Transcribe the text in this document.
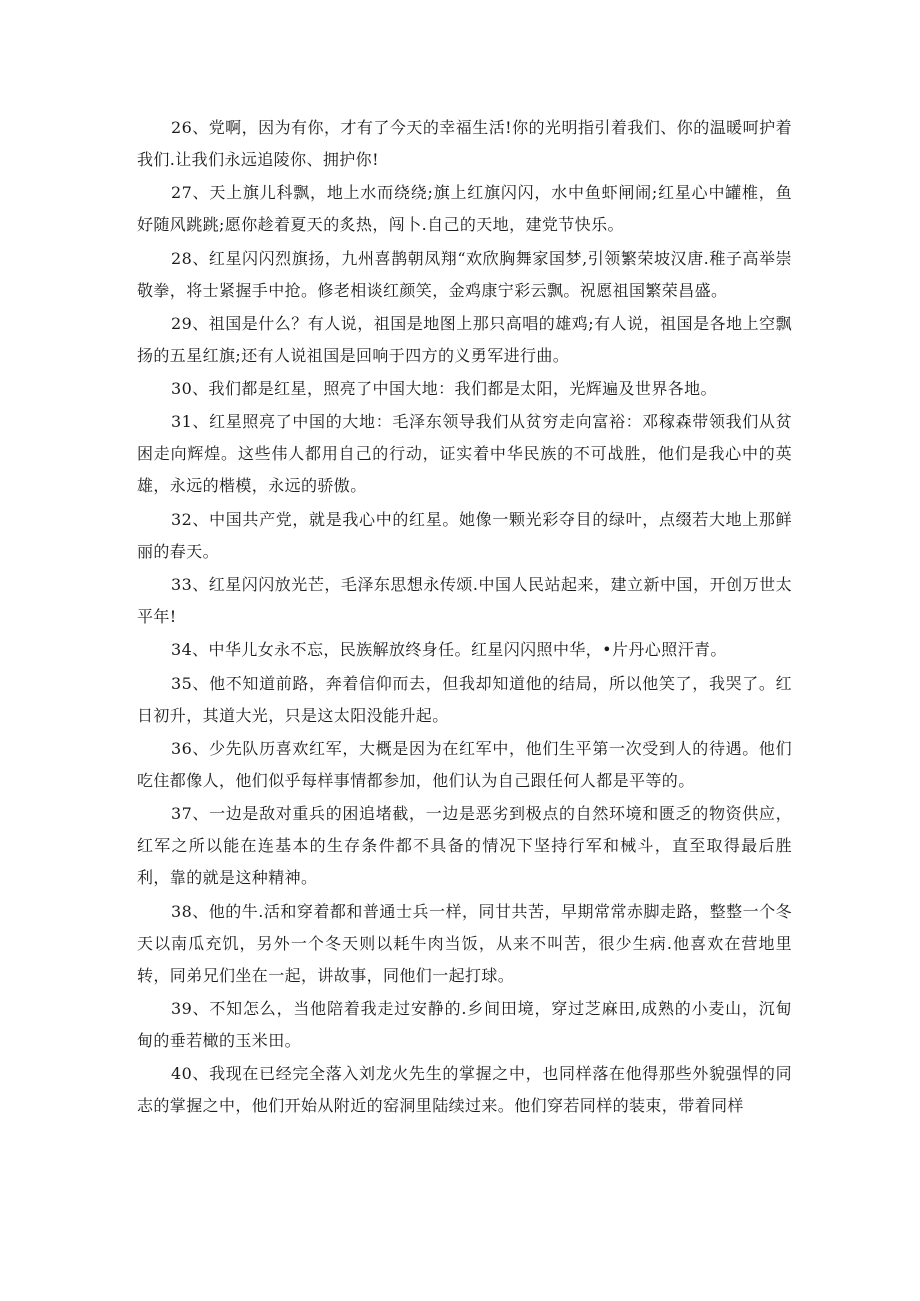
26、党啊，因为有你，才有了今天的幸福生活!你的光明指引着我们、你的温暖呵护着我们.让我们永远追陵你、拥护你!

27、天上旗儿科飘，地上水而绕绕;旗上红旗闪闪，水中鱼虾闸闹;红星心中罐椎，鱼好随风跳跳;愿你趁着夏天的炙热，闯卜.自己的天地，建党节快乐。

28、红星闪闪烈旗扬，九州喜鹊朝凤翔“欢欣胸舞家国梦,引领繁荣坡汉唐.稚子高举崇敬拳，将士紧握手中抢。修老相谈红颜笑，金鸡康宁彩云飘。祝愿祖国繁荣昌盛。

29、祖国是什么？有人说，祖国是地图上那只高唱的雄鸡;有人说，祖国是各地上空飘扬的五星红旗;还有人说祖国是回响于四方的义勇军进行曲。

30、我们都是红星，照亮了中国大地：我们都是太阳，光辉遍及世界各地。

31、红星照亮了中国的大地：毛泽东领导我们从贫穷走向富裕：邓稼森带领我们从贫困走向辉煌。这些伟人都用自己的行动，证实着中华民族的不可战胜，他们是我心中的英雄，永远的楷模，永远的骄傲。

32、中国共产党，就是我心中的红星。她像一颗光彩夺目的绿叶，点缀若大地上那鲜丽的春天。

33、红星闪闪放光芒，毛泽东思想永传颂.中国人民站起来，建立新中国，开创万世太平年!

34、中华儿女永不忘，民族解放终身任。红星闪闪照中华，•片丹心照汗青。

35、他不知道前路，奔着信仰而去，但我却知道他的结局，所以他笑了，我哭了。红日初升，其道大光，只是这太阳没能升起。

36、少先队历喜欢红军，大概是因为在红军中，他们生平第一次受到人的待遇。他们吃住都像人，他们似乎每样事情都参加，他们认为自己跟任何人都是平等的。

37、一边是敌对重兵的困追堵截，一边是恶劣到极点的自然环境和匮乏的物资供应，红军之所以能在连基本的生存条件都不具备的情况下坚持行军和械斗，直至取得最后胜利，靠的就是这种精神。

38、他的牛.活和穿着都和普通士兵一样，同甘共苦，早期常常赤脚走路，整整一个冬天以南瓜充饥，另外一个冬天则以耗牛肉当饭，从来不叫苦，很少生病.他喜欢在营地里转，同弟兄们坐在一起，讲故事，同他们一起打球。

39、不知怎么，当他陪着我走过安静的.乡间田境，穿过芝麻田,成熟的小麦山，沉甸甸的垂若橄的玉米田。

40、我现在已经完全落入刘龙火先生的掌握之中，也同样落在他得那些外貌强悍的同志的掌握之中，他们开始从附近的窑洞里陆续过来。他们穿若同样的装束，带着同样
